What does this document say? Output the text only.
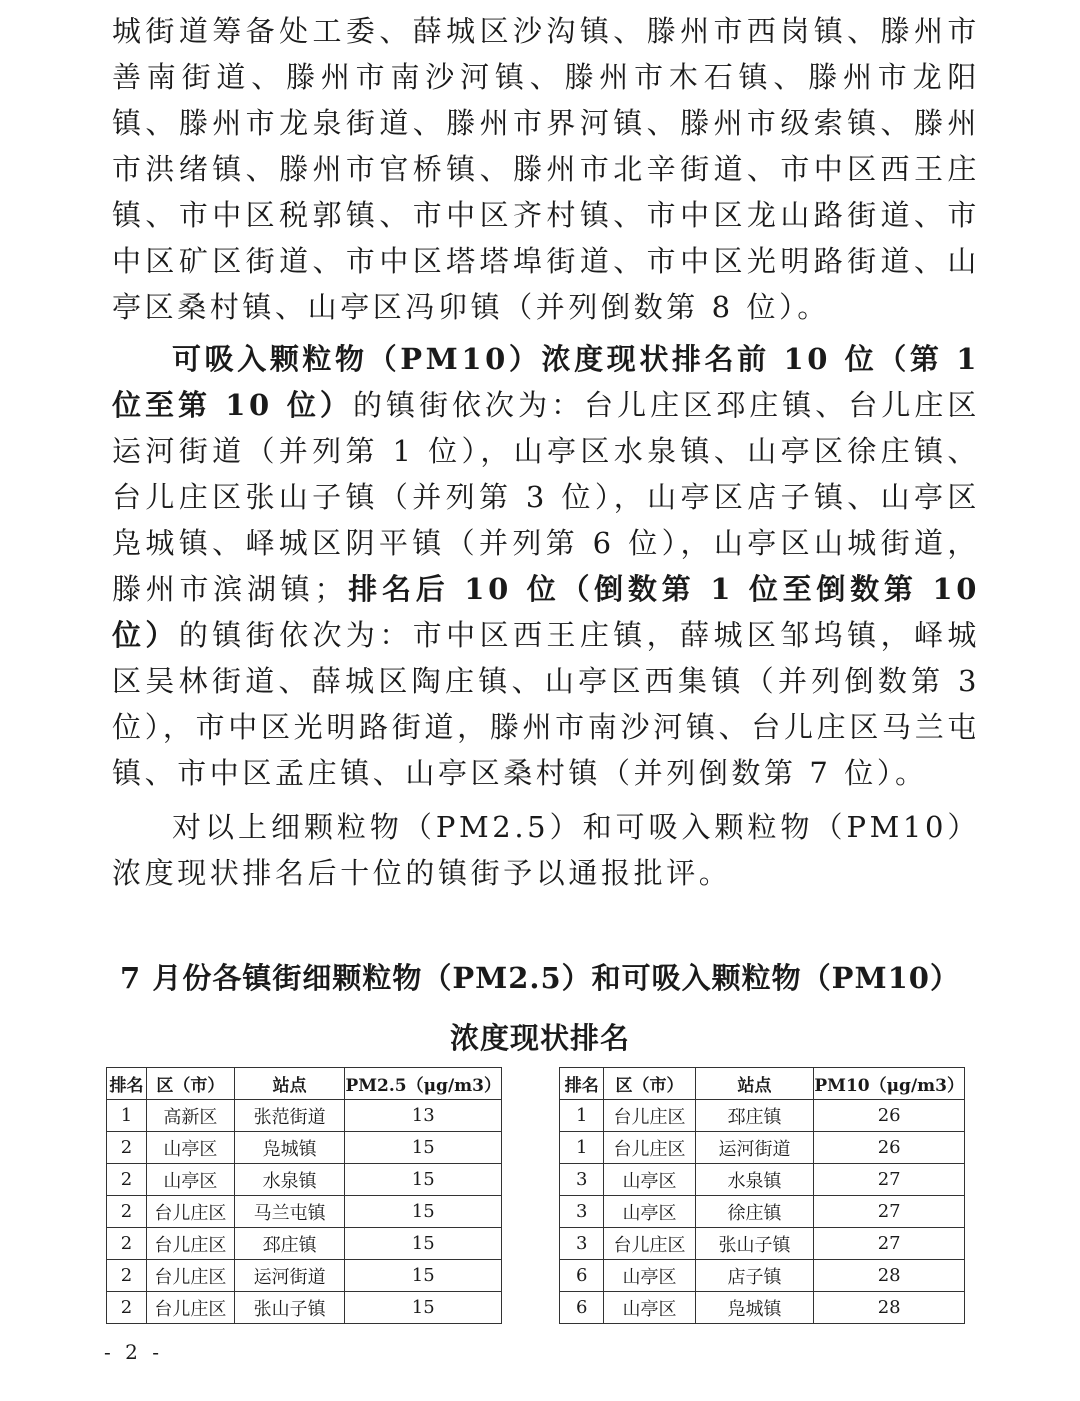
城街道筹备处工委、薛城区沙沟镇、滕州市西岗镇、滕州市善南街道、滕州市南沙河镇、滕州市木石镇、滕州市龙阳镇、滕州市龙泉街道、滕州市界河镇、滕州市级索镇、滕州市洪绪镇、滕州市官桥镇、滕州市北辛街道、市中区西王庄镇、市中区税郭镇、市中区齐村镇、市中区龙山路街道、市中区矿区街道、市中区塔塔埠街道、市中区光明路街道、山亭区桑村镇、山亭区冯卯镇（并列倒数第 8 位）。

可吸入颗粒物（PM10）浓度现状排名前 10 位（第 1 位至第 10 位）的镇街依次为：台儿庄区邳庄镇、台儿庄区运河街道（并列第 1 位），山亭区水泉镇、山亭区徐庄镇、台儿庄区张山子镇（并列第 3 位），山亭区店子镇、山亭区凫城镇、峄城区阴平镇（并列第 6 位），山亭区山城街道，滕州市滨湖镇；排名后 10 位（倒数第 1 位至倒数第 10 位）的镇街依次为：市中区西王庄镇，薛城区邹坞镇，峄城区吴林街道、薛城区陶庄镇、山亭区西集镇（并列倒数第 3 位），市中区光明路街道，滕州市南沙河镇、台儿庄区马兰屯镇、市中区孟庄镇、山亭区桑村镇（并列倒数第 7 位）。

对以上细颗粒物（PM2.5）和可吸入颗粒物（PM10）浓度现状排名后十位的镇街予以通报批评。

7 月份各镇街细颗粒物（PM2.5）和可吸入颗粒物（PM10）
浓度现状排名
排名	区（市）	站点	PM2.5（μg/m3）
1	高新区	张范街道	13
2	山亭区	凫城镇	15
2	山亭区	水泉镇	15
2	台儿庄区	马兰屯镇	15
2	台儿庄区	邳庄镇	15
2	台儿庄区	运河街道	15
2	台儿庄区	张山子镇	15
排名	区（市）	站点	PM10（μg/m3）
1	台儿庄区	邳庄镇	26
1	台儿庄区	运河街道	26
3	山亭区	水泉镇	27
3	山亭区	徐庄镇	27
3	台儿庄区	张山子镇	27
6	山亭区	店子镇	28
6	山亭区	凫城镇	28

- 2 -
